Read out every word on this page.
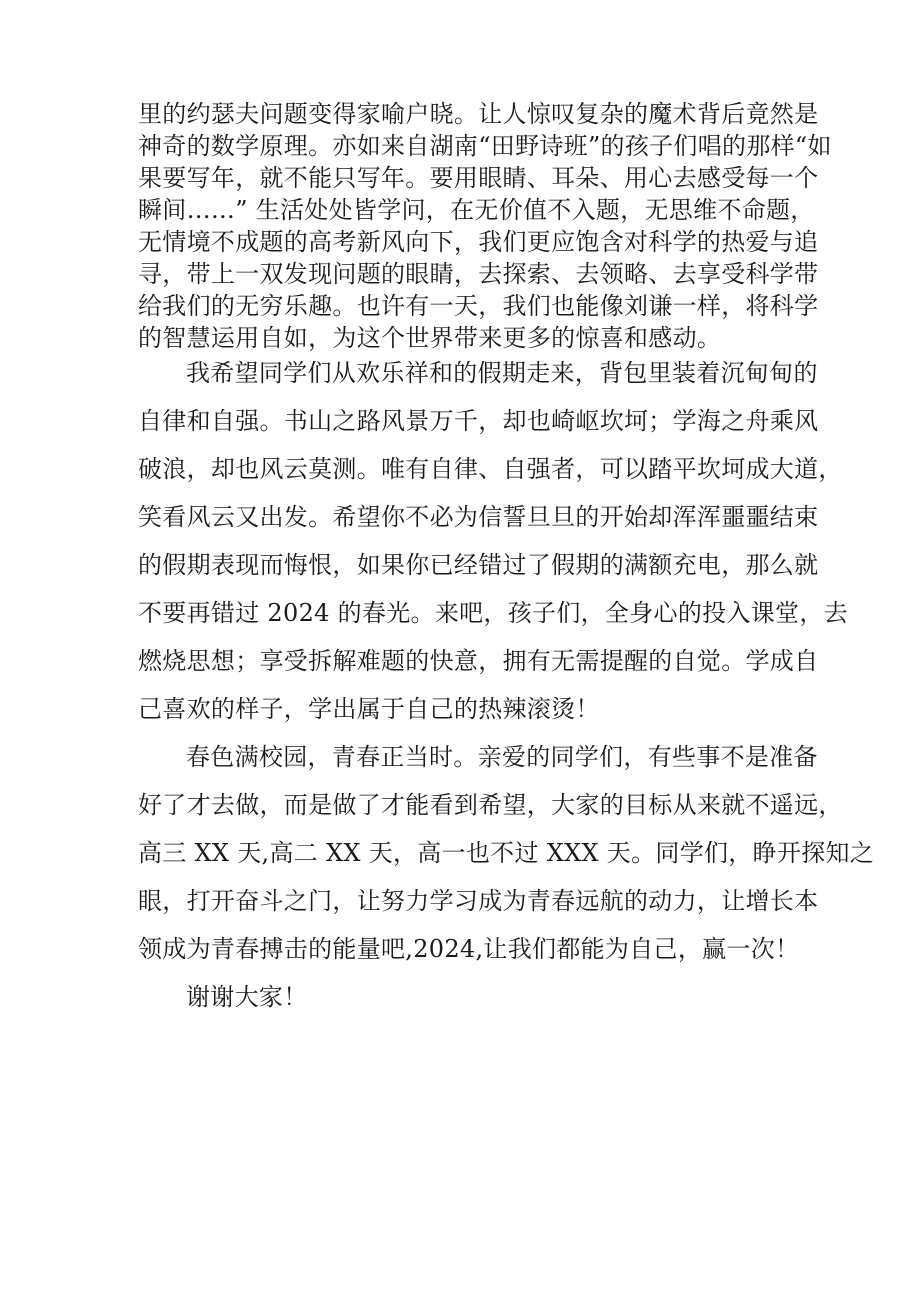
里的约瑟夫问题变得家喻户晓。让人惊叹复杂的魔术背后竟然是

神奇的数学原理。亦如来自湖南“田野诗班”的孩子们唱的那样“如

果要写年，就不能只写年。要用眼睛、耳朵、用心去感受每一个

瞬间……” 生活处处皆学问，在无价值不入题，无思维不命题，

无情境不成题的高考新风向下，我们更应饱含对科学的热爱与追

寻，带上一双发现问题的眼睛，去探索、去领略、去享受科学带

给我们的无穷乐趣。也许有一天，我们也能像刘谦一样，将科学

的智慧运用自如，为这个世界带来更多的惊喜和感动。

我希望同学们从欢乐祥和的假期走来，背包里装着沉甸甸的

自律和自强。书山之路风景万千，却也崎岖坎坷；学海之舟乘风

破浪，却也风云莫测。唯有自律、自强者，可以踏平坎坷成大道，

笑看风云又出发。希望你不必为信誓旦旦的开始却浑浑噩噩结束

的假期表现而悔恨，如果你已经错过了假期的满额充电，那么就

不要再错过 2024 的春光。来吧，孩子们，全身心的投入课堂，去

燃烧思想；享受拆解难题的快意，拥有无需提醒的自觉。学成自

己喜欢的样子，学出属于自己的热辣滚烫！

春色满校园，青春正当时。亲爱的同学们，有些事不是准备

好了才去做，而是做了才能看到希望，大家的目标从来就不遥远，

高三 XX 天,高二 XX 天，高一也不过 XXX 天。同学们，睁开探知之

眼，打开奋斗之门，让努力学习成为青春远航的动力，让增长本

领成为青春搏击的能量吧,2024,让我们都能为自己，赢一次！

谢谢大家！
